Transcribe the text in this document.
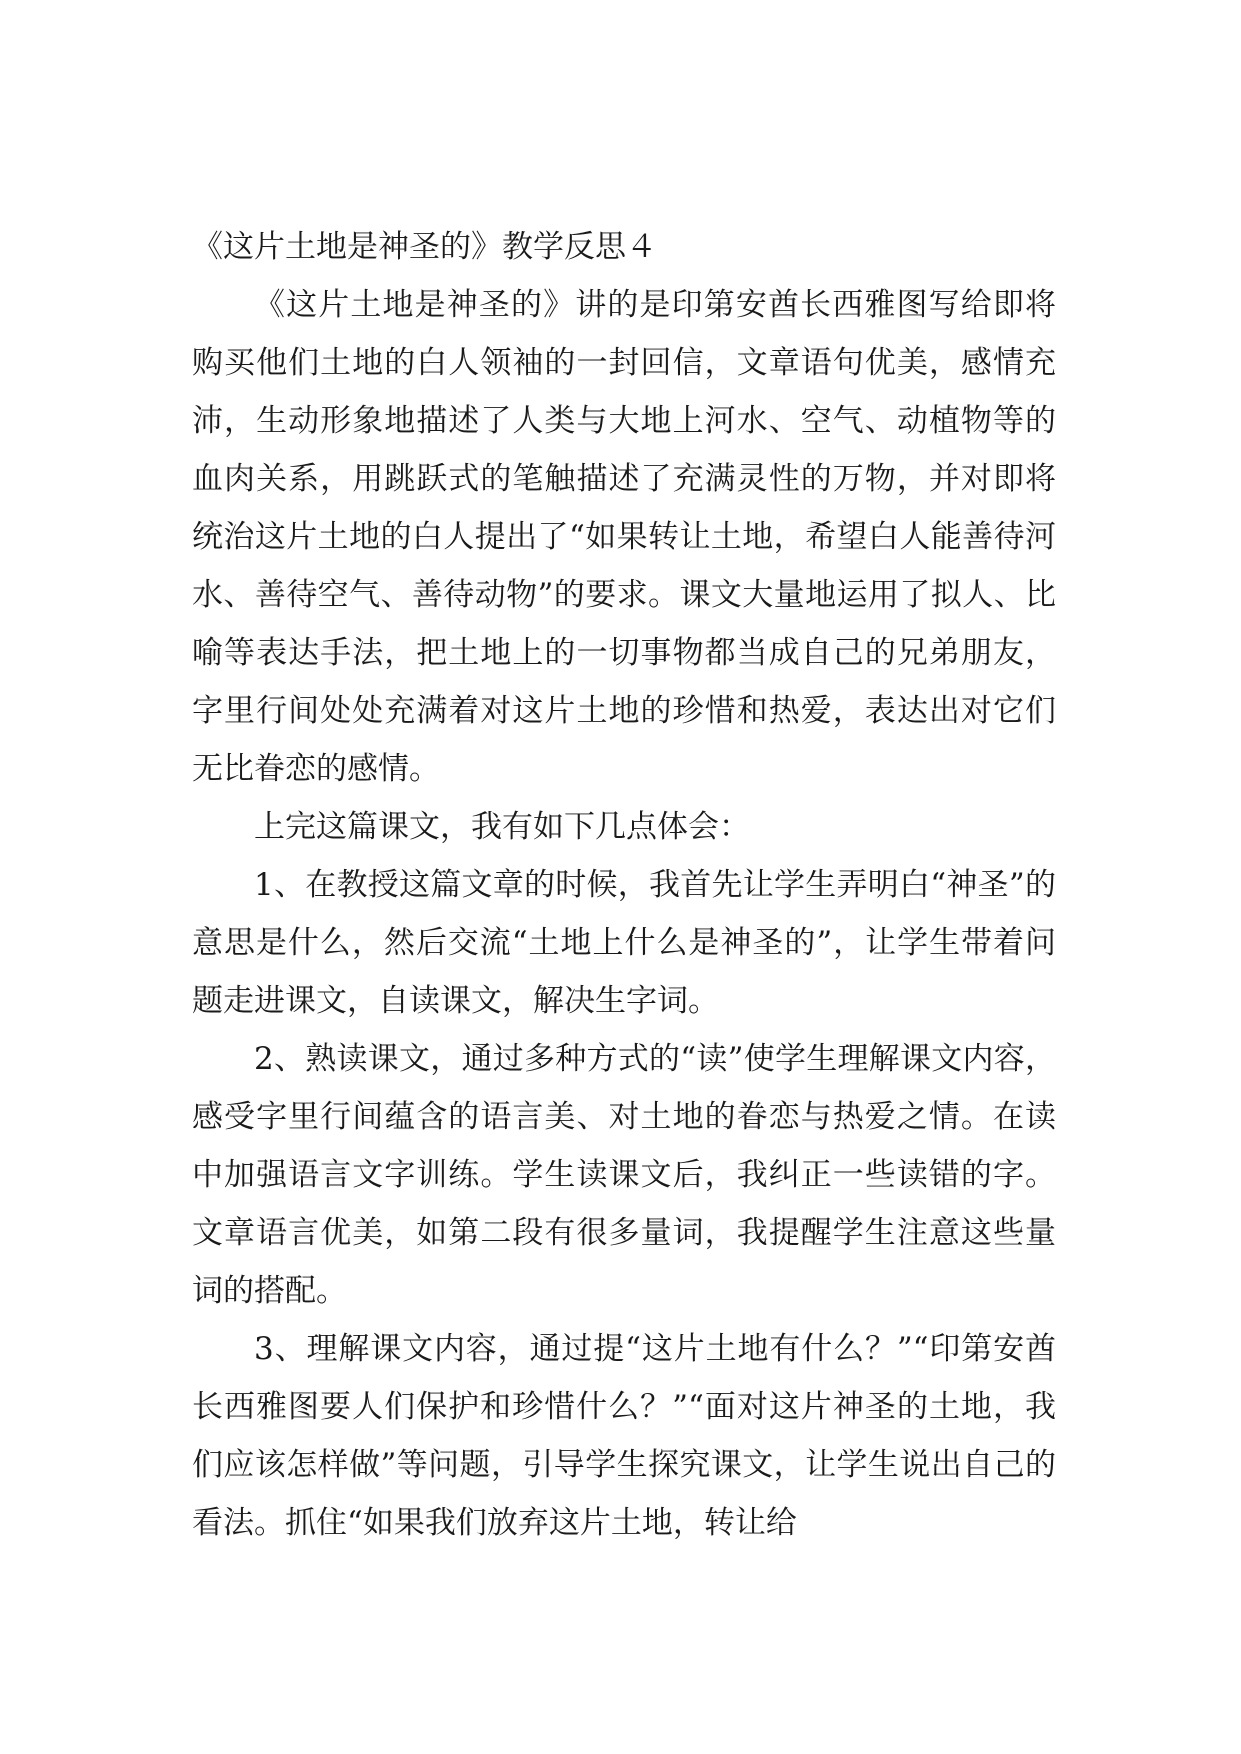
《这片土地是神圣的》教学反思４

《这片土地是神圣的》讲的是印第安酋长西雅图写给即将购买他们土地的白人领袖的一封回信，文章语句优美，感情充沛，生动形象地描述了人类与大地上河水、空气、动植物等的血肉关系，用跳跃式的笔触描述了充满灵性的万物，并对即将统治这片土地的白人提出了“如果转让土地，希望白人能善待河水、善待空气、善待动物”的要求。课文大量地运用了拟人、比喻等表达手法，把土地上的一切事物都当成自己的兄弟朋友，字里行间处处充满着对这片土地的珍惜和热爱，表达出对它们无比眷恋的感情。

上完这篇课文，我有如下几点体会：

1、在教授这篇文章的时候，我首先让学生弄明白“神圣”的意思是什么，然后交流“土地上什么是神圣的”，让学生带着问题走进课文，自读课文，解决生字词。

2、熟读课文，通过多种方式的“读”使学生理解课文内容，感受字里行间蕴含的语言美、对土地的眷恋与热爱之情。在读中加强语言文字训练。学生读课文后，我纠正一些读错的字。文章语言优美，如第二段有很多量词，我提醒学生注意这些量词的搭配。

3、理解课文内容，通过提“这片土地有什么？”“印第安酋长西雅图要人们保护和珍惜什么？”“面对这片神圣的土地，我们应该怎样做”等问题，引导学生探究课文，让学生说出自己的看法。抓住“如果我们放弃这片土地，转让给
